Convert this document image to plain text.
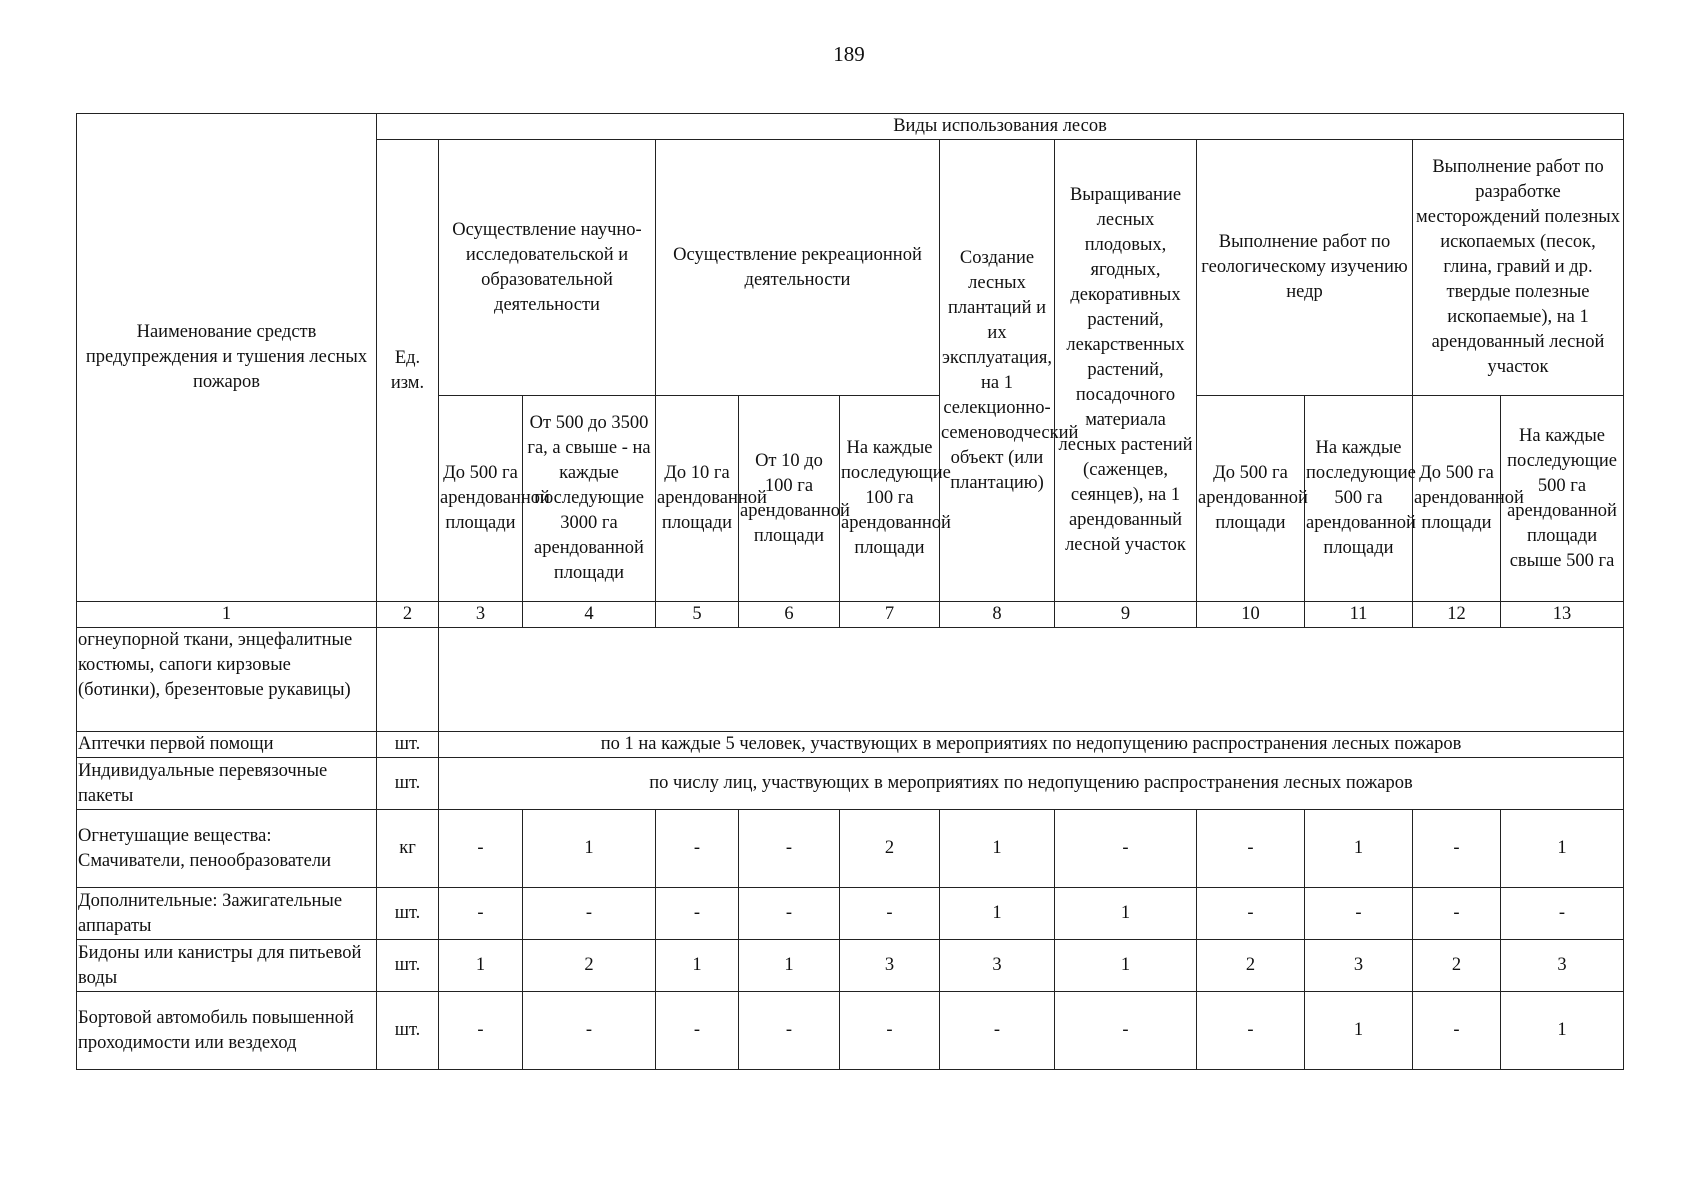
189
Наименование средств предупреждения и тушения лесных пожаров	Виды использования лесов											
	Ед. изм.	Осуществление научно-исследовательской и образовательной деятельности		Осуществление рекреационной деятельности			Создание лесных плантаций и их эксплуатация, на 1 селекционно-семеноводческий объект (или плантацию)	Выращивание лесных плодовых, ягодных, декоративных растений, лекарственных растений, посадочного материала лесных растений (саженцев, сеянцев), на 1 арендованный лесной участок	Выполнение работ по геологическому изучению недр		Выполнение работ по разработке месторождений полезных ископаемых (песок, глина, гравий и др. твердые полезные ископаемые), на 1 арендованный лесной участок	
		До 500 га арендованной площади	От 500 до 3500 га, а свыше - на каждые последующие 3000 га арендованной площади	До 10 га арендованной площади	От 10 до 100 га арендованной площади	На каждые последующие 100 га арендованной площади			До 500 га арендованной площади	На каждые последующие 500 га арендованной площади	До 500 га арендованной площади	На каждые последующие 500 га арендованной площади свыше 500 га
1	2	3	4	5	6	7	8	9	10	11	12	13
огнеупорной ткани, энцефалитные костюмы, сапоги кирзовые (ботинки), брезентовые рукавицы)												
Аптечки первой помощи	шт.	по 1 на каждые 5 человек, участвующих в мероприятиях по недопущению распространения лесных пожаров										
Индивидуальные перевязочные пакеты	шт.	по числу лиц, участвующих в мероприятиях по недопущению распространения лесных пожаров										
Огнетушащие вещества: Смачиватели, пенообразователи	кг	-	1	-	-	2	1	-	-	1	-	1
Дополнительные: Зажигательные аппараты	шт.	-	-	-	-	-	1	1	-	-	-	-
Бидоны или канистры для питьевой воды	шт.	1	2	1	1	3	3	1	2	3	2	3
Бортовой автомобиль повышенной проходимости или вездеход	шт.	-	-	-	-	-	-	-	-	1	-	1
